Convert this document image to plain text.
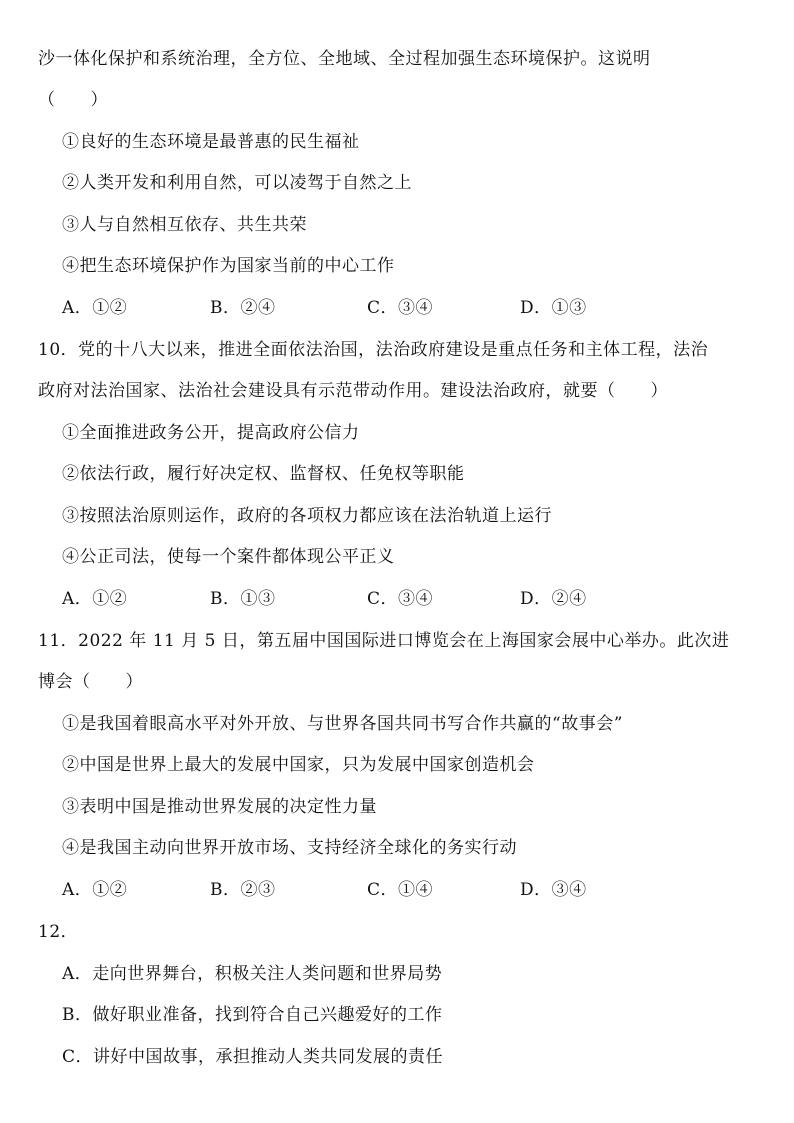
沙一体化保护和系统治理，全方位、全地域、全过程加强生态环境保护。这说明
（　　）
①良好的生态环境是最普惠的民生福祉
②人类开发和利用自然，可以凌驾于自然之上
③人与自然相互依存、共生共荣
④把生态环境保护作为国家当前的中心工作
A．①②	B．②④	C．③④	D．①③
10．党的十八大以来，推进全面依法治国，法治政府建设是重点任务和主体工程，法治
政府对法治国家、法治社会建设具有示范带动作用。建设法治政府，就要（　　）
①全面推进政务公开，提高政府公信力
②依法行政，履行好决定权、监督权、任免权等职能
③按照法治原则运作，政府的各项权力都应该在法治轨道上运行
④公正司法，使每一个案件都体现公平正义
A．①②	B．①③	C．③④	D．②④
11．2022 年 11 月 5 日，第五届中国国际进口博览会在上海国家会展中心举办。此次进
博会（　　）
①是我国着眼高水平对外开放、与世界各国共同书写合作共赢的“故事会”
②中国是世界上最大的发展中国家，只为发展中国家创造机会
③表明中国是推动世界发展的决定性力量
④是我国主动向世界开放市场、支持经济全球化的务实行动
A．①②	B．②③	C．①④	D．③④
12．
A．走向世界舞台，积极关注人类问题和世界局势
B．做好职业准备，找到符合自己兴趣爱好的工作
C．讲好中国故事，承担推动人类共同发展的责任
